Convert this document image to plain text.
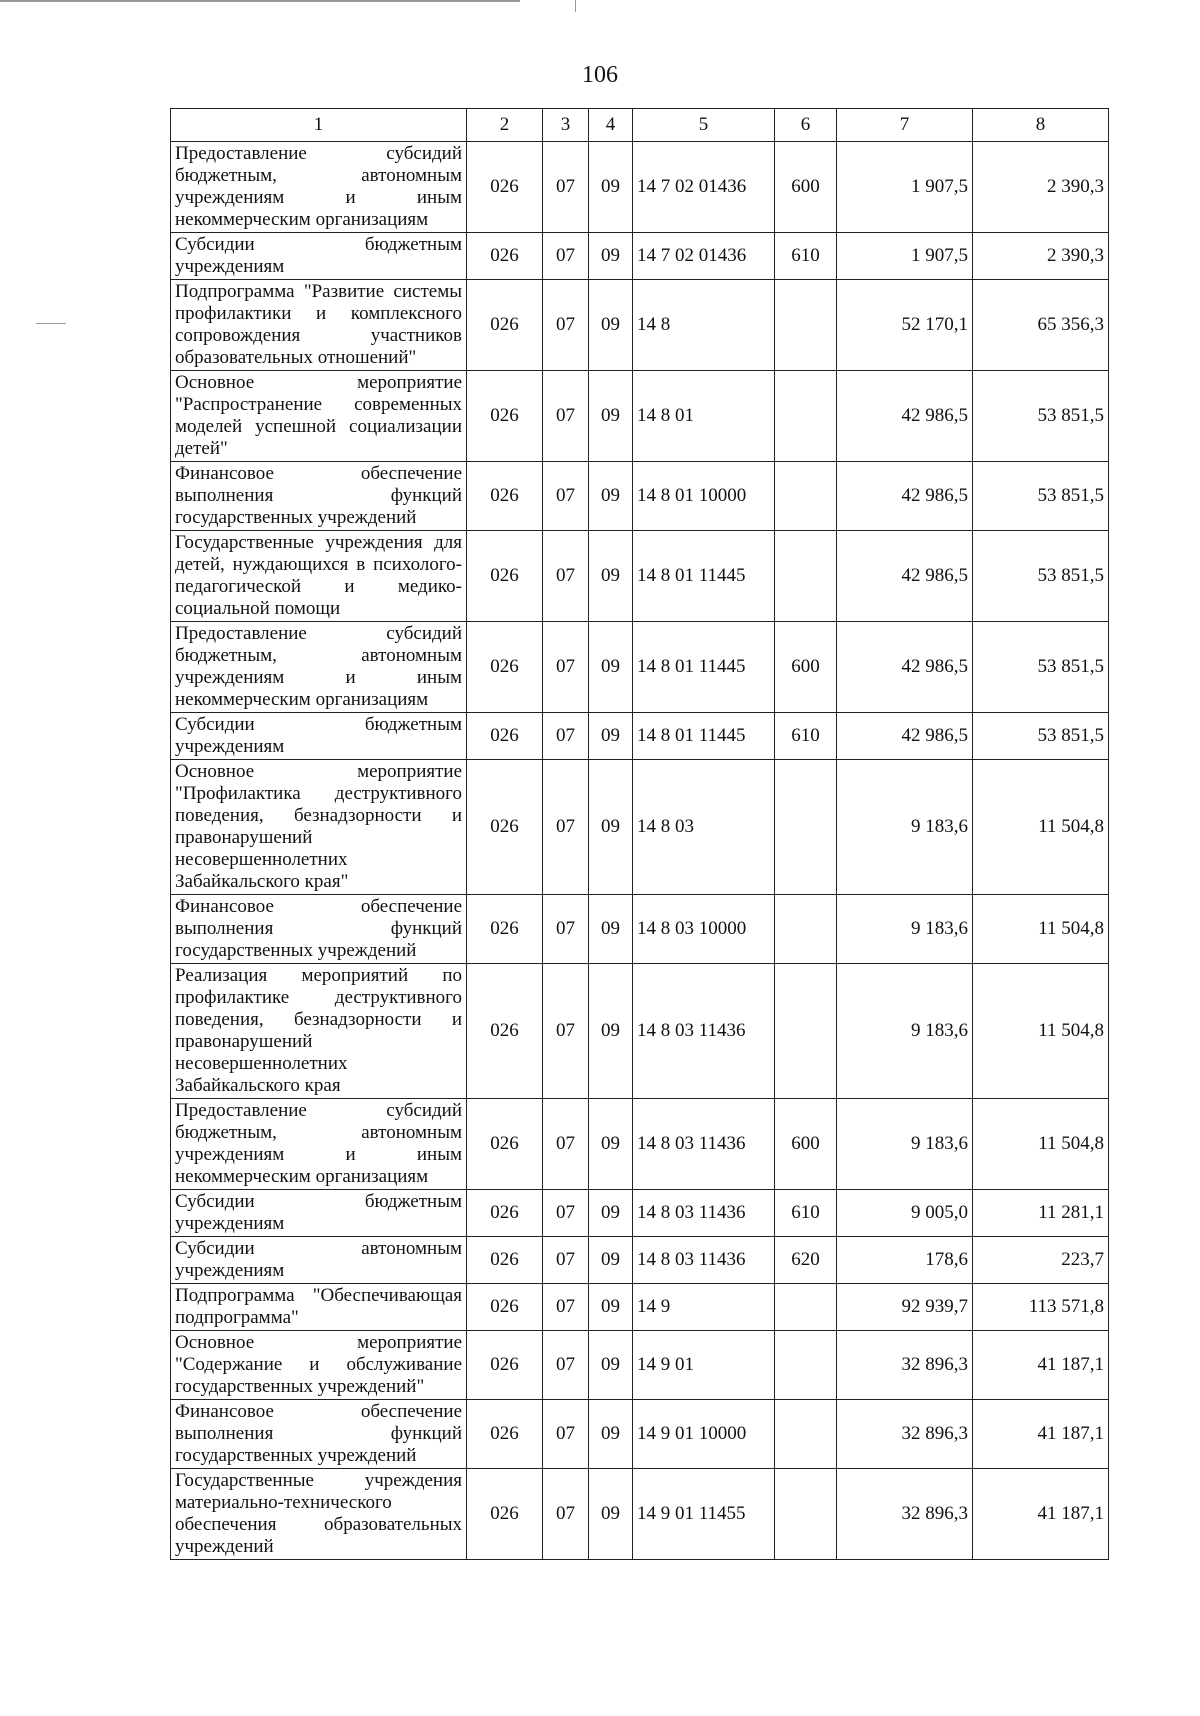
106
1	2	3	4	5	6	7	8
Предоставление субсидий бюджетным, автономным учреждениям и иным некоммерческим организациям	026	07	09	14 7 02 01436	600	1 907,5	2 390,3
Субсидии бюджетным учреждениям	026	07	09	14 7 02 01436	610	1 907,5	2 390,3
Подпрограмма "Развитие системы профилактики и комплексного сопровождения участников образовательных отношений"	026	07	09	14 8		52 170,1	65 356,3
Основное мероприятие "Распространение современных моделей успешной социализации детей"	026	07	09	14 8 01		42 986,5	53 851,5
Финансовое обеспечение выполнения функций государственных учреждений	026	07	09	14 8 01 10000		42 986,5	53 851,5
Государственные учреждения для детей, нуждающихся в психолого-педагогической и медико-социальной помощи	026	07	09	14 8 01 11445		42 986,5	53 851,5
Предоставление субсидий бюджетным, автономным учреждениям и иным некоммерческим организациям	026	07	09	14 8 01 11445	600	42 986,5	53 851,5
Субсидии бюджетным учреждениям	026	07	09	14 8 01 11445	610	42 986,5	53 851,5
Основное мероприятие "Профилактика деструктивного поведения, безнадзорности и правонарушений несовершеннолетних Забайкальского края"	026	07	09	14 8 03		9 183,6	11 504,8
Финансовое обеспечение выполнения функций государственных учреждений	026	07	09	14 8 03 10000		9 183,6	11 504,8
Реализация мероприятий по профилактике деструктивного поведения, безнадзорности и правонарушений несовершеннолетних Забайкальского края	026	07	09	14 8 03 11436		9 183,6	11 504,8
Предоставление субсидий бюджетным, автономным учреждениям и иным некоммерческим организациям	026	07	09	14 8 03 11436	600	9 183,6	11 504,8
Субсидии бюджетным учреждениям	026	07	09	14 8 03 11436	610	9 005,0	11 281,1
Субсидии автономным учреждениям	026	07	09	14 8 03 11436	620	178,6	223,7
Подпрограмма "Обеспечивающая подпрограмма"	026	07	09	14 9		92 939,7	113 571,8
Основное мероприятие "Содержание и обслуживание государственных учреждений"	026	07	09	14 9 01		32 896,3	41 187,1
Финансовое обеспечение выполнения функций государственных учреждений	026	07	09	14 9 01 10000		32 896,3	41 187,1
Государственные учреждения материально-технического обеспечения образовательных учреждений	026	07	09	14 9 01 11455		32 896,3	41 187,1
